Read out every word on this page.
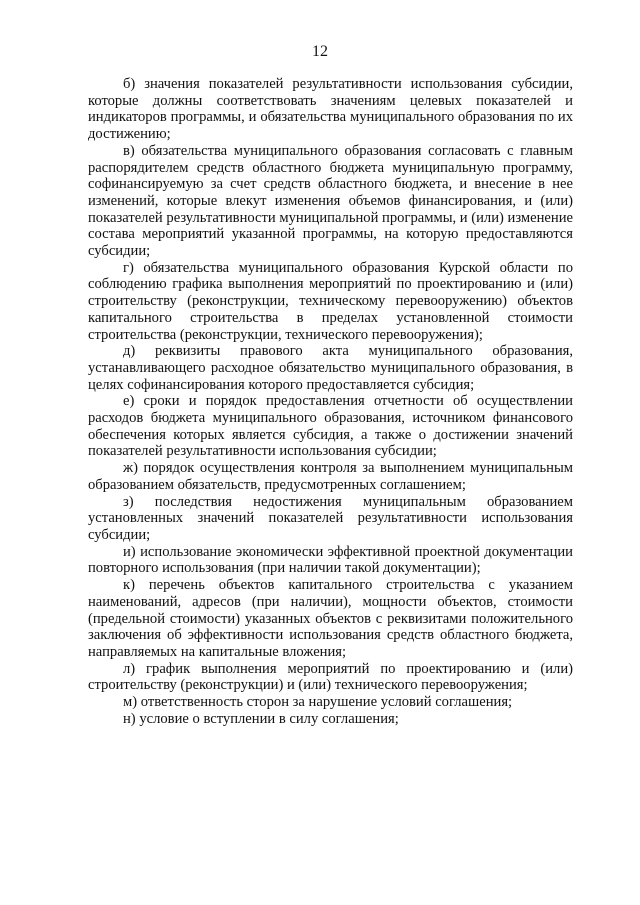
12

б) значения показателей результативности использования субсидии, которые должны соответствовать значениям целевых показателей и индикаторов программы, и обязательства муниципального образования по их достижению;

в) обязательства муниципального образования согласовать с главным распорядителем средств областного бюджета муниципальную программу, софинансируемую за счет средств областного бюджета, и внесение в нее изменений, которые влекут изменения объемов финансирования, и (или) показателей результативности муниципальной программы, и (или) изменение состава мероприятий указанной программы, на которую предоставляются субсидии;

г) обязательства муниципального образования Курской области по соблюдению графика выполнения мероприятий по проектированию и (или) строительству (реконструкции, техническому перевооружению) объектов капитального строительства в пределах установленной стоимости строительства (реконструкции, технического перевооружения);

д) реквизиты правового акта муниципального образования, устанавливающего расходное обязательство муниципального образования, в целях софинансирования которого предоставляется субсидия;

е) сроки и порядок предоставления отчетности об осуществлении расходов бюджета муниципального образования, источником финансового обеспечения которых является субсидия, а также о достижении значений показателей результативности использования субсидии;

ж) порядок осуществления контроля за выполнением муниципальным образованием обязательств, предусмотренных соглашением;

з) последствия недостижения муниципальным образованием установленных значений показателей результативности использования субсидии;

и) использование экономически эффективной проектной документации повторного использования (при наличии такой документации);

к) перечень объектов капитального строительства с указанием наименований, адресов (при наличии), мощности объектов, стоимости (предельной стоимости) указанных объектов с реквизитами положительного заключения об эффективности использования средств областного бюджета, направляемых на капитальные вложения;

л) график выполнения мероприятий по проектированию и (или) строительству (реконструкции) и (или) технического перевооружения;

м) ответственность сторон за нарушение условий соглашения;

н) условие о вступлении в силу соглашения;
